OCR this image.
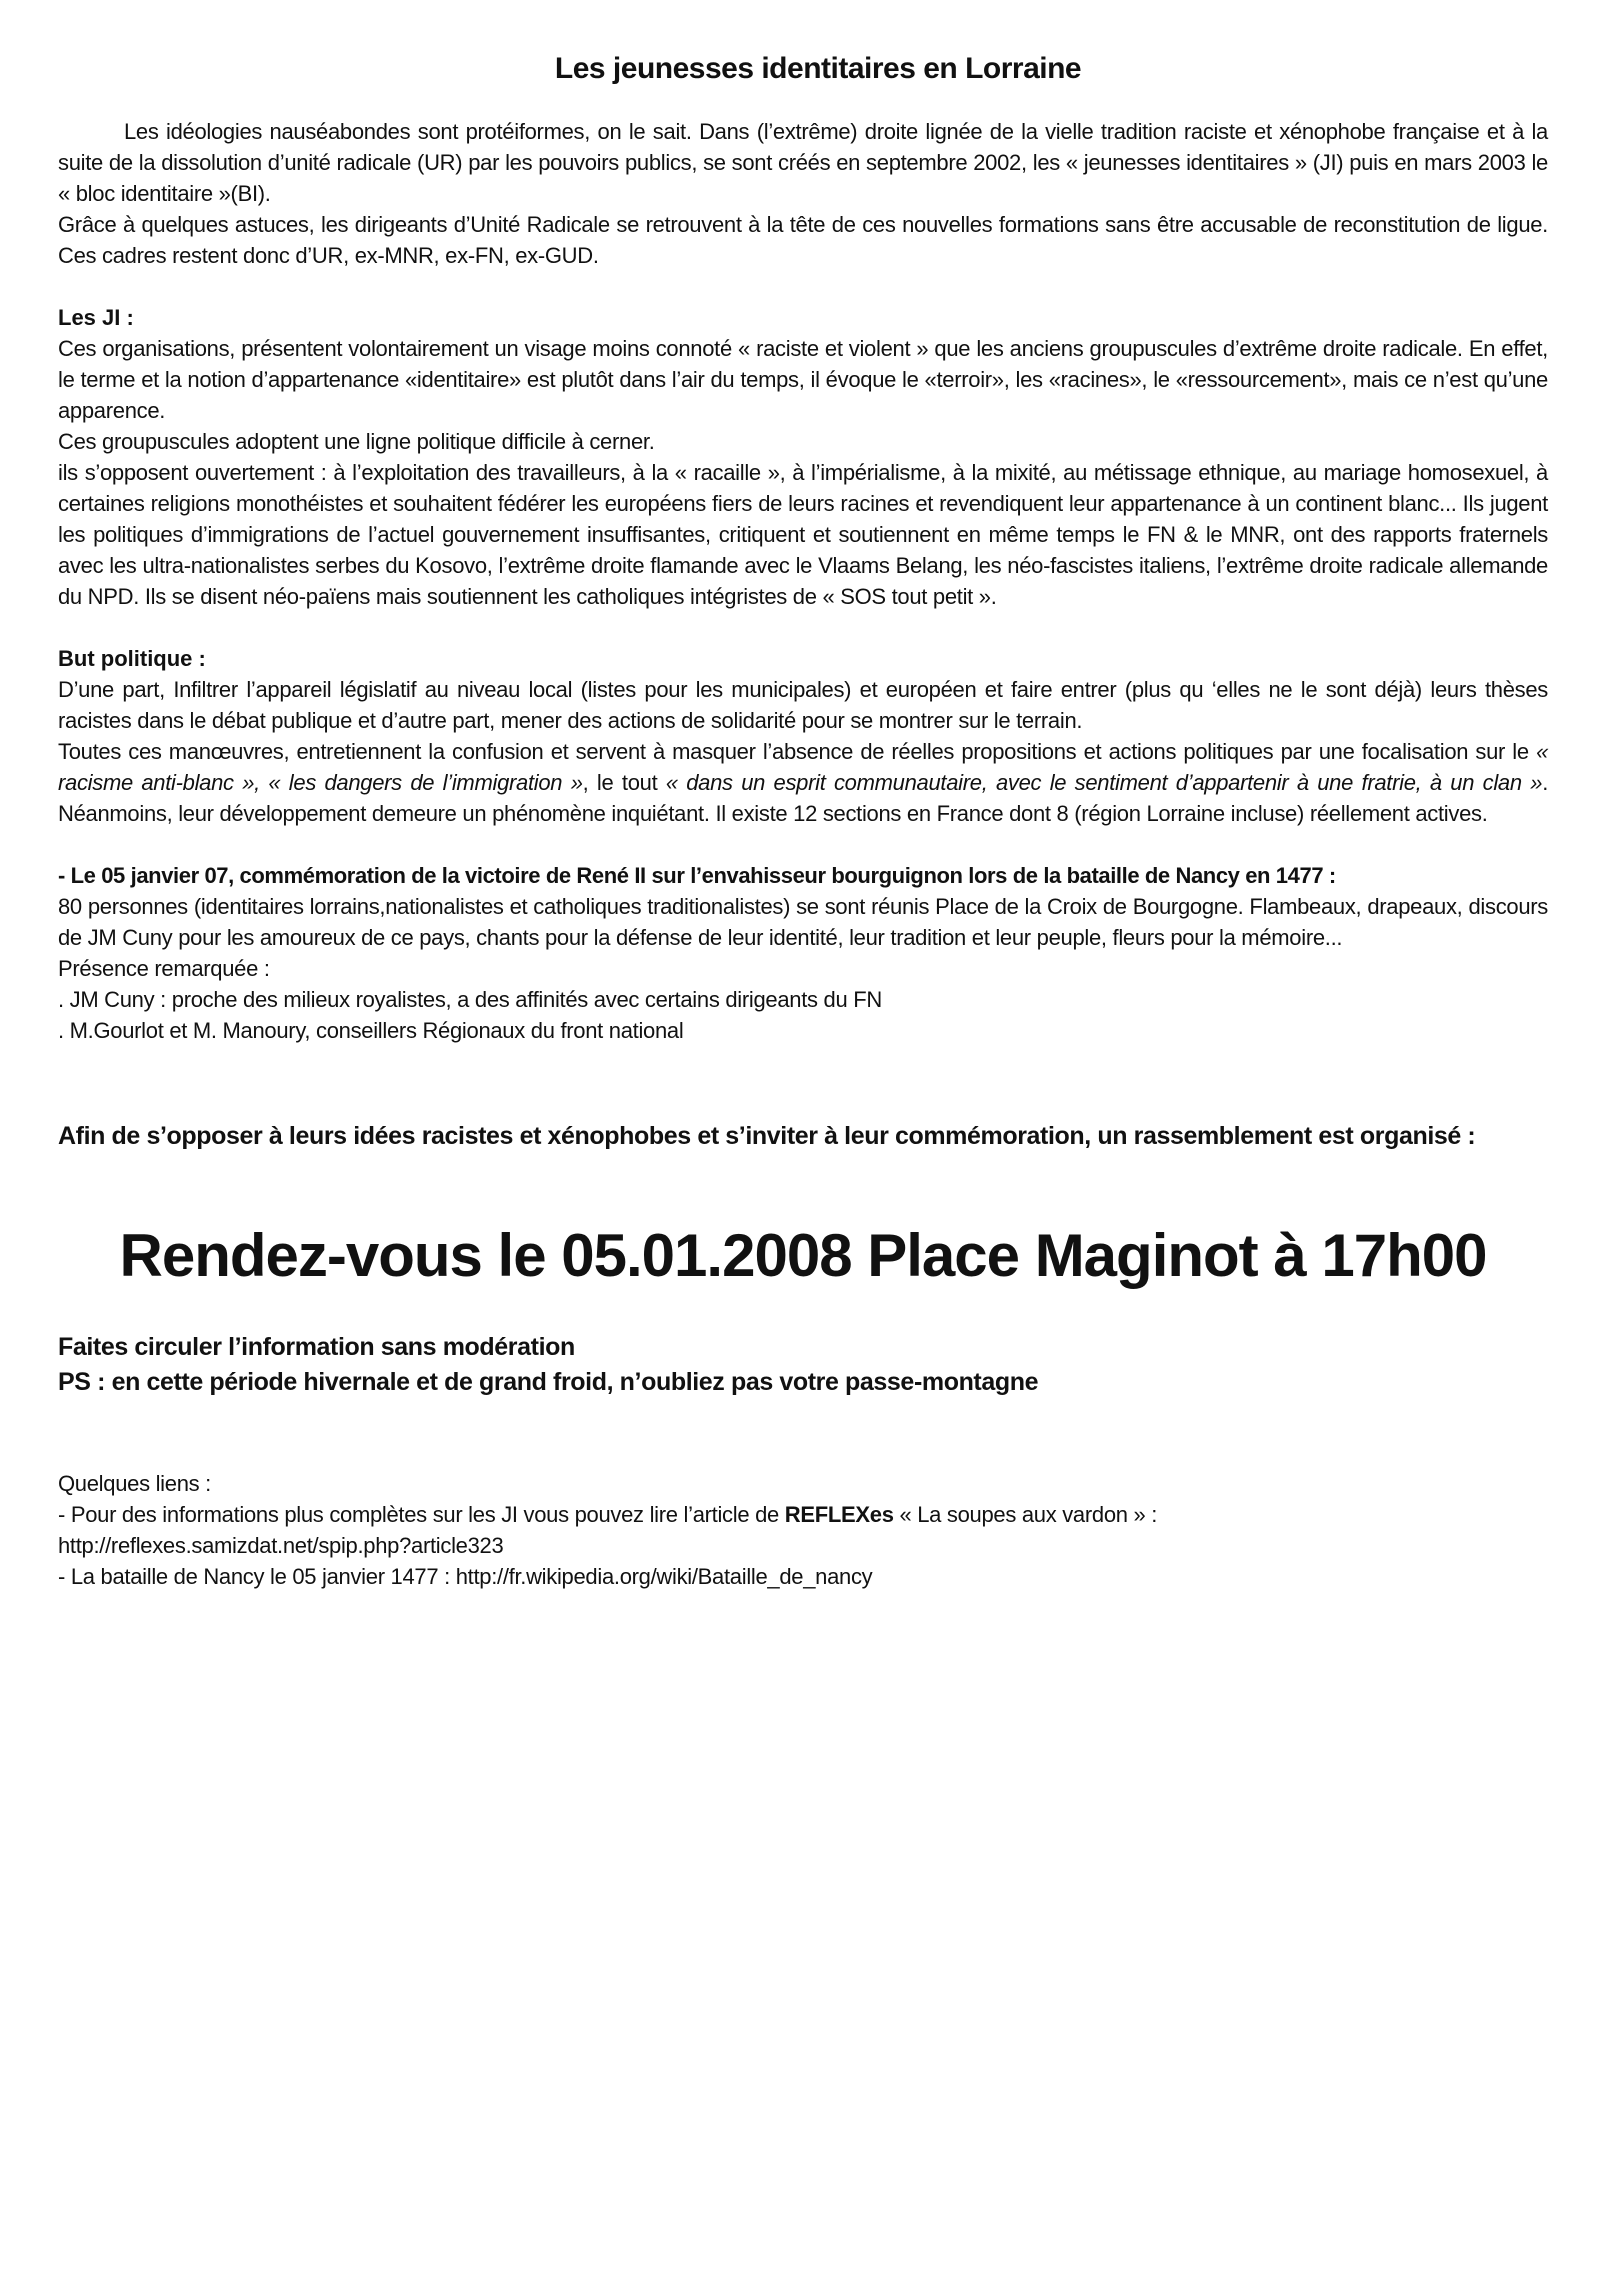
Les jeunesses identitaires en Lorraine

Les idéologies nauséabondes sont protéiformes, on le sait. Dans (l’extrême) droite lignée de la vielle tradition raciste et xénophobe française et à la suite de la dissolution d’unité radicale (UR) par les pouvoirs publics, se sont créés en septembre 2002, les « jeunesses identitaires » (JI) puis en mars 2003 le « bloc identitaire »(BI).

Grâce à quelques astuces, les dirigeants d’Unité Radicale se retrouvent à la tête de ces nouvelles formations sans être accusable de reconstitution de ligue. Ces cadres restent donc d’UR, ex-MNR, ex-FN, ex-GUD.

Les JI :

Ces organisations, présentent volontairement un visage moins connoté « raciste et violent » que les anciens groupuscules d’extrême droite radicale. En effet, le terme et la notion d’appartenance «identitaire» est plutôt dans l’air du temps, il évoque le «terroir», les «racines», le «ressourcement», mais ce n’est qu’une apparence.

Ces groupuscules adoptent une ligne politique difficile à cerner.

ils s’opposent ouvertement : à l’exploitation des travailleurs, à la « racaille », à l’impérialisme, à la mixité, au métissage ethnique, au mariage homosexuel, à certaines religions monothéistes et souhaitent fédérer les européens fiers de leurs racines et revendiquent leur appartenance à un continent blanc... Ils jugent les politiques d’immigrations de l’actuel gouvernement insuffisantes, critiquent et soutiennent en même temps le FN & le MNR, ont des rapports fraternels avec les ultra-nationalistes serbes du Kosovo, l’extrême droite flamande avec le Vlaams Belang, les néo-fascistes italiens, l’extrême droite radicale allemande du NPD. Ils se disent néo-païens mais soutiennent les catholiques intégristes de « SOS tout petit ».

But politique :

D’une part, Infiltrer l’appareil législatif au niveau local (listes pour les municipales) et européen et faire entrer (plus qu ‘elles ne le sont déjà) leurs thèses racistes dans le débat publique et d’autre part, mener des actions de solidarité pour se montrer sur le terrain.

Toutes ces manœuvres, entretiennent la confusion et servent à masquer l’absence de réelles propositions et actions politiques par une focalisation sur le « racisme anti-blanc », « les dangers de l’immigration », le tout « dans un esprit communautaire, avec le sentiment d’appartenir à une fratrie, à un clan ». Néanmoins, leur développement demeure un phénomène inquiétant. Il existe 12 sections en France dont 8 (région Lorraine incluse) réellement actives.

- Le 05 janvier 07, commémoration de la victoire de René II sur l’envahisseur bourguignon lors de la bataille de Nancy en 1477 :

80 personnes (identitaires lorrains,nationalistes et catholiques traditionalistes) se sont réunis Place de la Croix de Bourgogne. Flambeaux, drapeaux, discours de JM Cuny pour les amoureux de ce pays, chants pour la défense de leur identité, leur tradition et leur peuple, fleurs pour la mémoire...

Présence remarquée :
. JM Cuny : proche des milieux royalistes, a des affinités avec certains dirigeants du FN
. M.Gourlot et M. Manoury, conseillers Régionaux du front national
Afin de s’opposer à leurs idées racistes et xénophobes et s’inviter à leur commémoration, un rassemblement est organisé :
Rendez-vous le 05.01.2008 Place Maginot à 17h00
Faites circuler l’information sans modération
PS : en cette période hivernale et de grand froid, n’oubliez pas votre passe-montagne
Quelques liens :
- Pour des informations plus complètes sur les JI vous pouvez lire l’article de REFLEXes « La soupes aux vardon » :
http://reflexes.samizdat.net/spip.php?article323
- La bataille de Nancy le 05 janvier 1477 : http://fr.wikipedia.org/wiki/Bataille_de_nancy
